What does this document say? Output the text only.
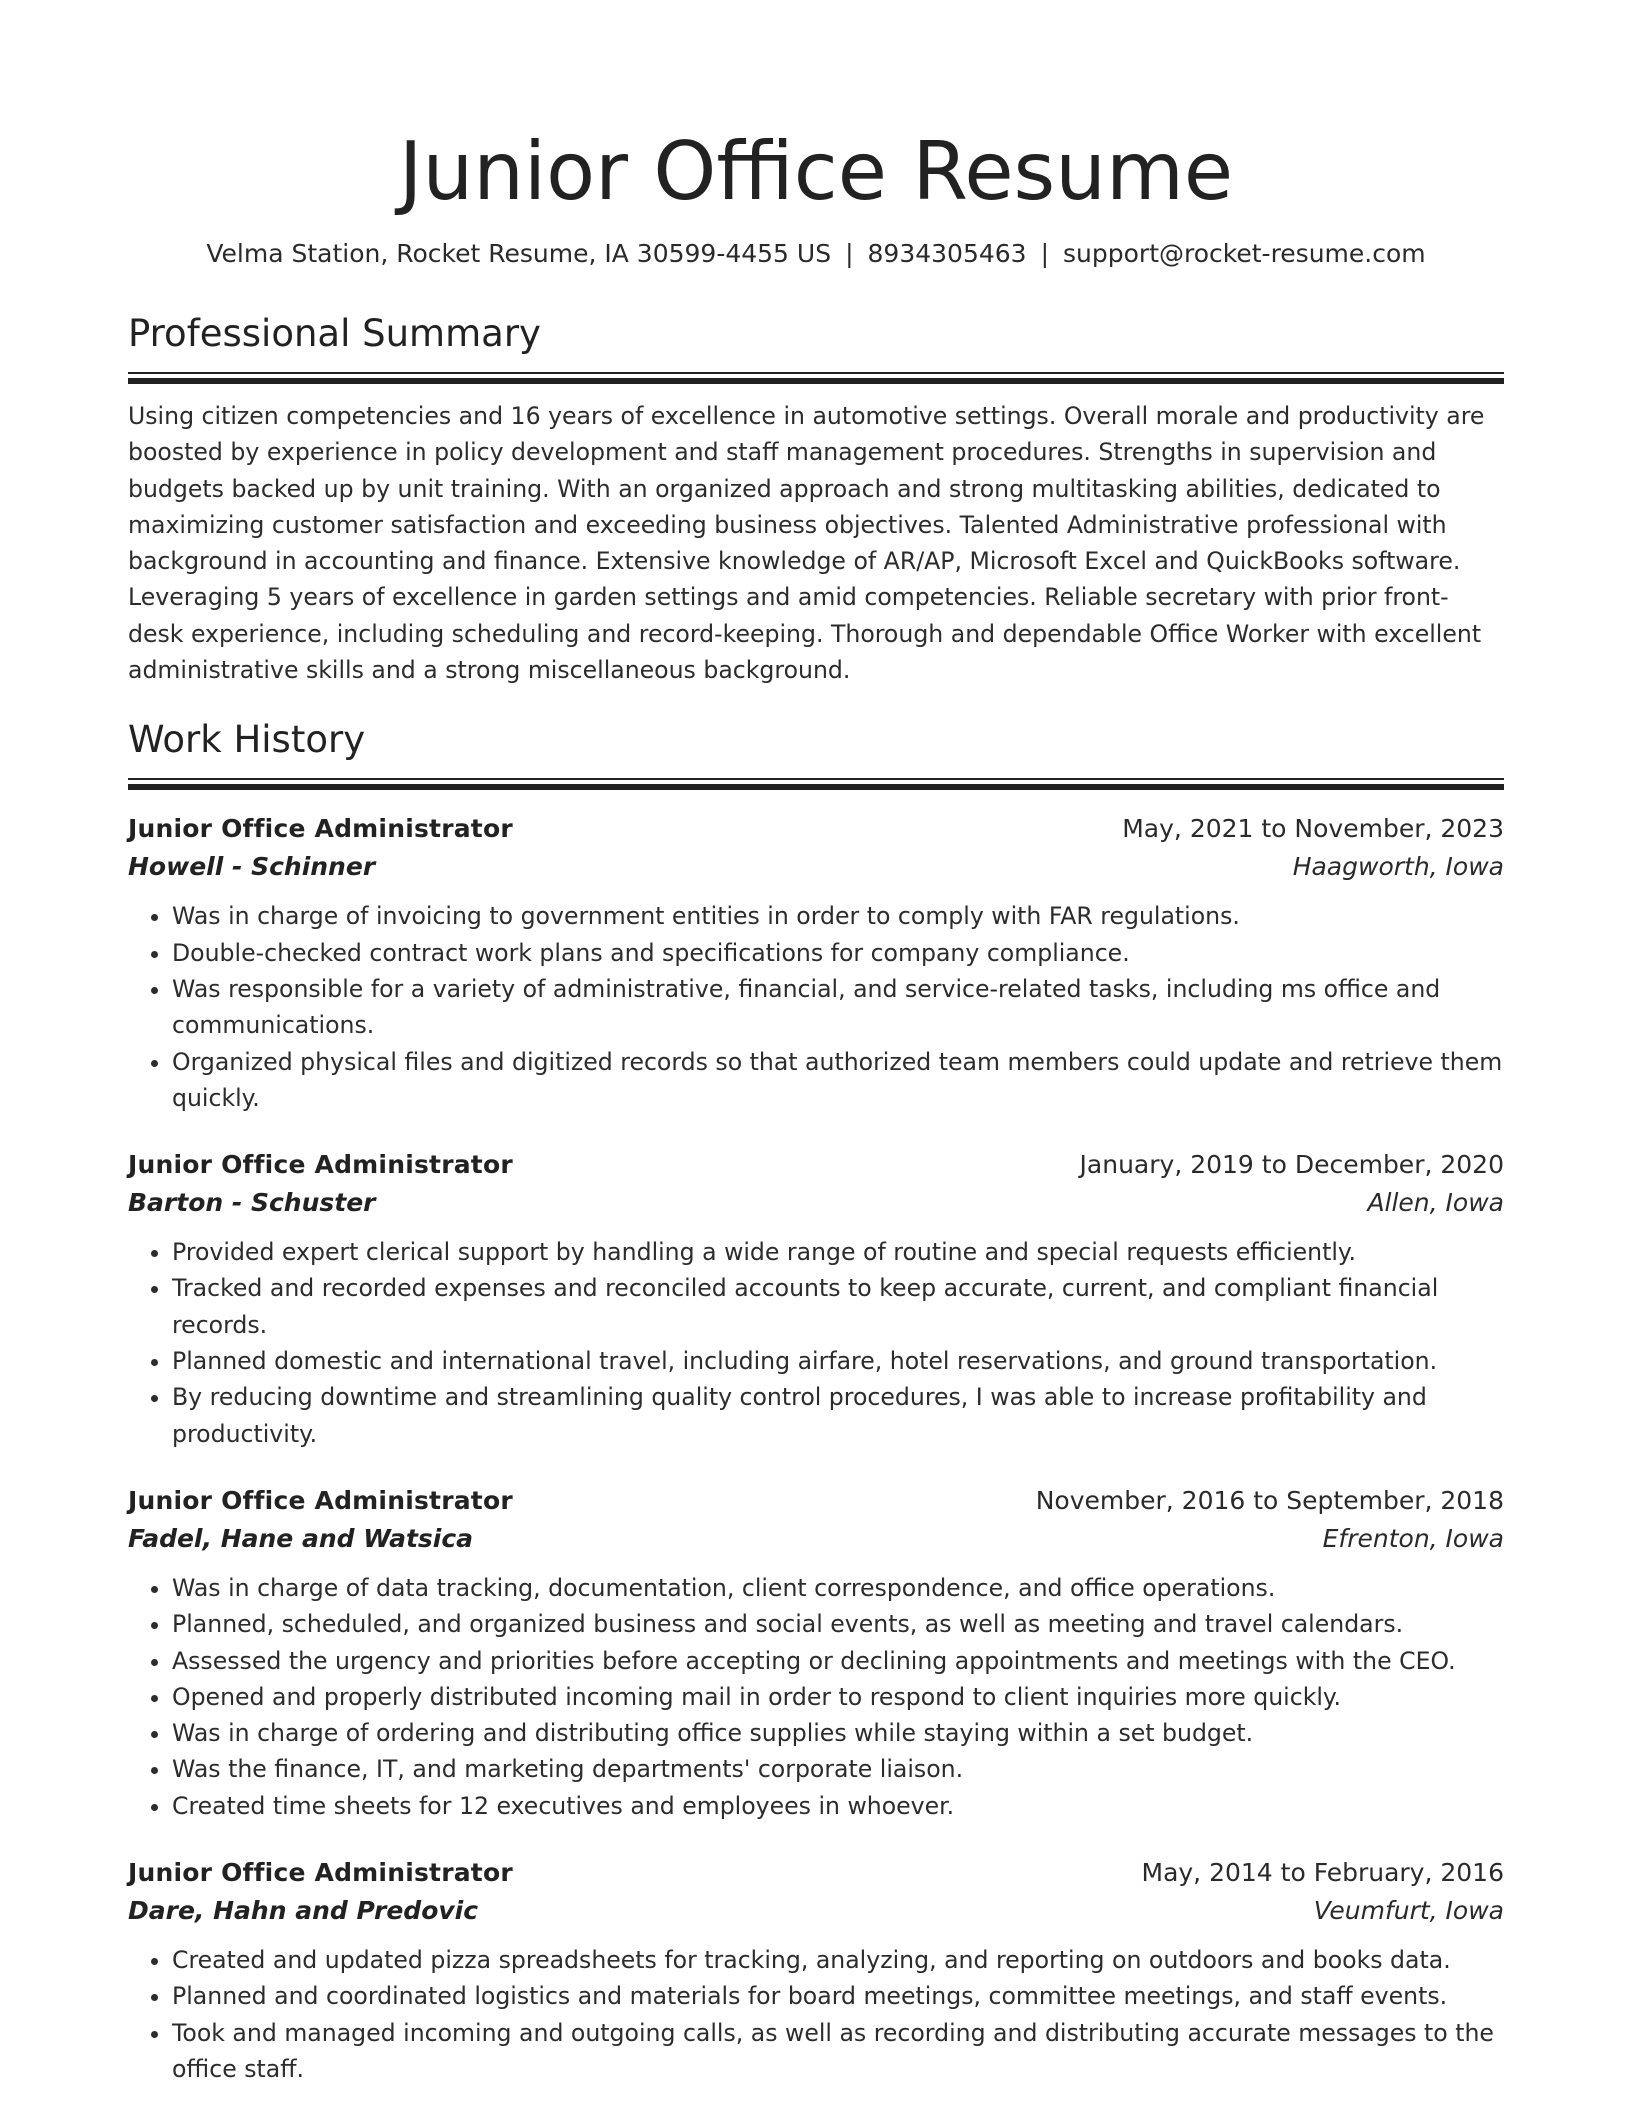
Junior Office Resume
Velma Station, Rocket Resume, IA 30599-4455 US | 8934305463 | support@rocket-resume.com
Professional Summary

Using citizen competencies and 16 years of excellence in automotive settings. Overall morale and productivity are boosted by experience in policy development and staff management procedures. Strengths in supervision and budgets backed up by unit training. With an organized approach and strong multitasking abilities, dedicated to maximizing customer satisfaction and exceeding business objectives. Talented Administrative professional with background in accounting and finance. Extensive knowledge of AR/AP, Microsoft Excel and QuickBooks software. Leveraging 5 years of excellence in garden settings and amid competencies. Reliable secretary with prior front-desk experience, including scheduling and record-keeping. Thorough and dependable Office Worker with excellent administrative skills and a strong miscellaneous background.

Work History
Junior Office Administrator	May, 2021 to November, 2023
Howell - Schinner	Haagworth, Iowa
• Was in charge of invoicing to government entities in order to comply with FAR regulations.
• Double-checked contract work plans and specifications for company compliance.
• Was responsible for a variety of administrative, financial, and service-related tasks, including ms office and communications.
• Organized physical files and digitized records so that authorized team members could update and retrieve them quickly.
Junior Office Administrator	January, 2019 to December, 2020
Barton - Schuster	Allen, Iowa
• Provided expert clerical support by handling a wide range of routine and special requests efficiently.
• Tracked and recorded expenses and reconciled accounts to keep accurate, current, and compliant financial records.
• Planned domestic and international travel, including airfare, hotel reservations, and ground transportation.
• By reducing downtime and streamlining quality control procedures, I was able to increase profitability and productivity.
Junior Office Administrator	November, 2016 to September, 2018
Fadel, Hane and Watsica	Efrenton, Iowa
• Was in charge of data tracking, documentation, client correspondence, and office operations.
• Planned, scheduled, and organized business and social events, as well as meeting and travel calendars.
• Assessed the urgency and priorities before accepting or declining appointments and meetings with the CEO.
• Opened and properly distributed incoming mail in order to respond to client inquiries more quickly.
• Was in charge of ordering and distributing office supplies while staying within a set budget.
• Was the finance, IT, and marketing departments' corporate liaison.
• Created time sheets for 12 executives and employees in whoever.
Junior Office Administrator	May, 2014 to February, 2016
Dare, Hahn and Predovic	Veumfurt, Iowa
• Created and updated pizza spreadsheets for tracking, analyzing, and reporting on outdoors and books data.
• Planned and coordinated logistics and materials for board meetings, committee meetings, and staff events.
• Took and managed incoming and outgoing calls, as well as recording and distributing accurate messages to the office staff.
